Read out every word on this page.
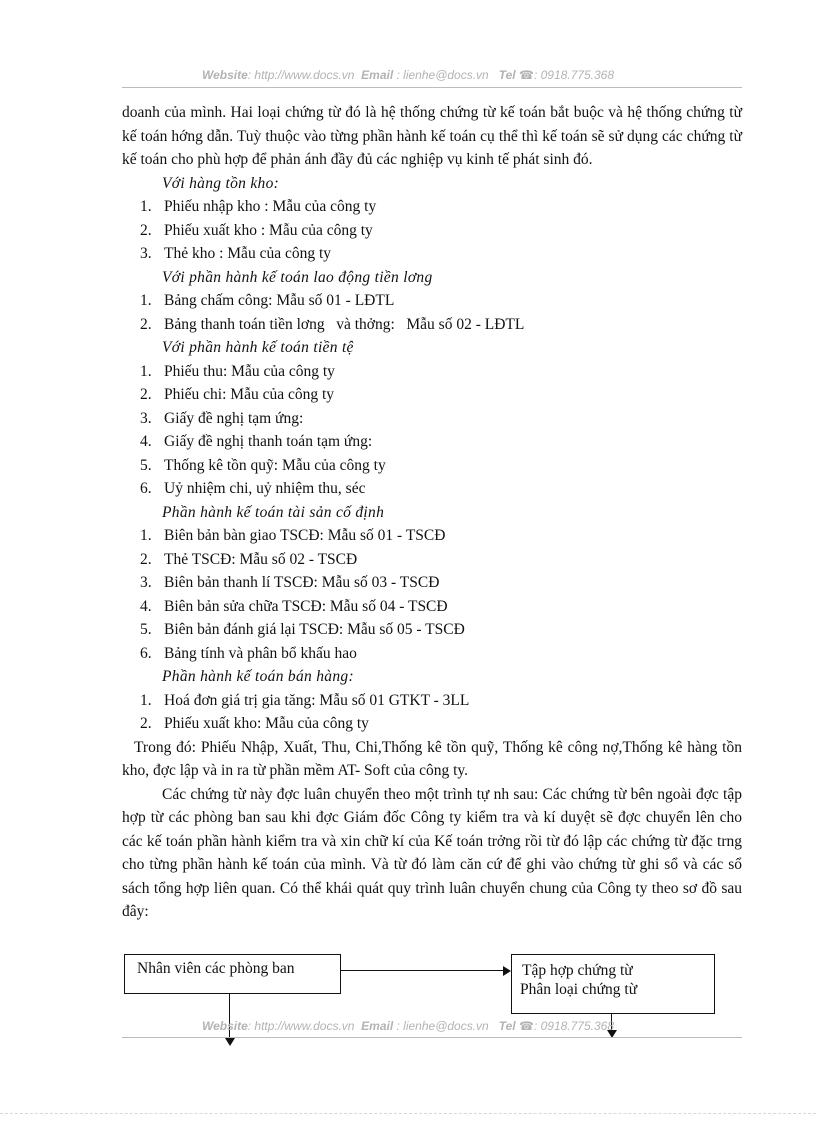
Website: http://www.docs.vn Email : lienhe@docs.vn Tel ☎: 0918.775.368

doanh của mình. Hai loại chứng từ đó là hệ thống chứng từ kế toán bắt buộc và hệ thống chứng từ kế toán hớng dẫn. Tuỳ thuộc vào từng phần hành kế toán cụ thể thì kế toán sẽ sử dụng các chứng từ kế toán cho phù hợp để phản ánh đầy đủ các nghiệp vụ kinh tế phát sinh đó.

Với hàng tồn kho:

1. Phiếu nhập kho : Mẫu của công ty

2. Phiếu xuất kho : Mẫu của công ty

3. Thẻ kho : Mẫu của công ty

Với phần hành kế toán lao động tiền lơng

1. Bảng chấm công: Mẫu số 01 - LĐTL

2. Bảng thanh toán tiền lơng   và thởng:   Mẫu số 02 - LĐTL

Với phần hành kế toán tiền tệ

1. Phiếu thu: Mẫu của công ty

2. Phiếu chi: Mẫu của công ty

3. Giấy đề nghị tạm ứng:

4. Giấy đề nghị thanh toán tạm ứng:

5. Thống kê tồn quỹ: Mẫu của công ty

6. Uỷ nhiệm chi, uỷ nhiệm thu, séc

Phần hành kế toán tài sản cố định

1. Biên bản bàn giao TSCĐ: Mẫu số 01 - TSCĐ

2. Thẻ TSCĐ: Mẫu số 02 - TSCĐ

3. Biên bản thanh lí TSCĐ: Mẫu số 03 - TSCĐ

4. Biên bản sửa chữa TSCĐ: Mẫu số 04 - TSCĐ

5. Biên bản đánh giá lại TSCĐ: Mẫu số 05 - TSCĐ

6. Bảng tính và phân bổ khấu hao

Phần hành kế toán bán hàng:

1. Hoá đơn giá trị gia tăng: Mẫu số 01 GTKT - 3LL

2. Phiếu xuất kho: Mẫu của công ty

Trong đó: Phiếu Nhập, Xuất, Thu, Chi,Thống kê tồn quỹ, Thống kê công nợ,Thống kê hàng tồn kho, đợc lập và in ra từ phần mềm AT- Soft của công ty.

Các chứng từ này đợc luân chuyển theo một trình tự nh sau: Các chứng từ bên ngoài đợc tập hợp từ các phòng ban sau khi đợc Giám đốc Công ty kiểm tra và kí duyệt sẽ đợc chuyển lên cho các kế toán phần hành kiểm tra và xin chữ kí của Kế toán trởng rồi từ đó lập các chứng từ đặc trng cho từng phần hành kế toán của mình. Và từ đó làm căn cứ để ghi vào chứng từ ghi sổ và các sổ sách tổng hợp liên quan. Có thể khái quát quy trình luân chuyển chung của Công ty theo sơ đồ sau đây:

Nhân viên các phòng ban	Tập hợp chứng từ
Phân loại chứng từ
Website: http://www.docs.vn Email : lienhe@docs.vn Tel ☎: 0918.775.368
